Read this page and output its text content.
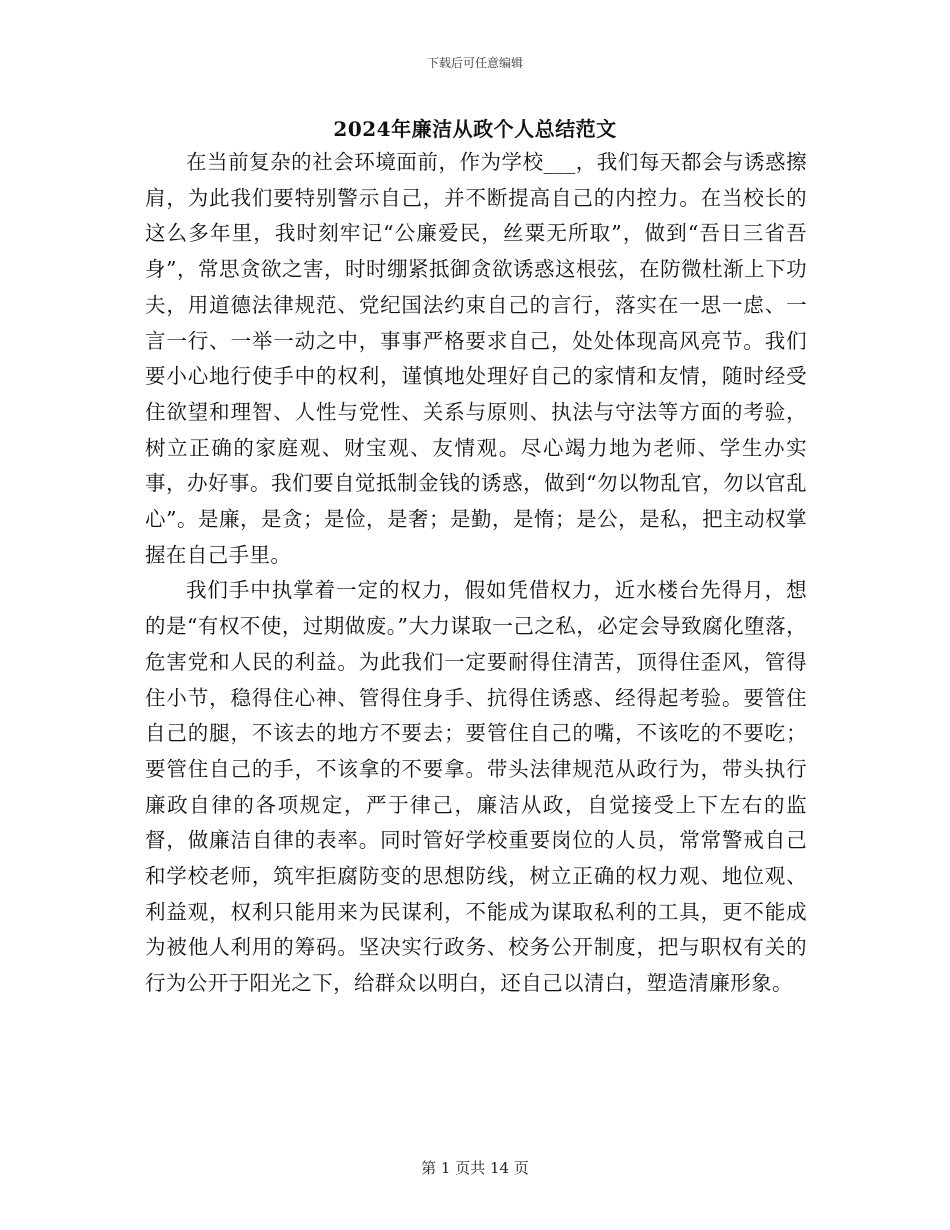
下载后可任意编辑
2024年廉洁从政个人总结范文

在当前复杂的社会环境面前，作为学校___，我们每天都会与诱惑擦肩，为此我们要特别警示自己，并不断提高自己的内控力。在当校长的这么多年里，我时刻牢记“公廉爱民，丝粟无所取”，做到“吾日三省吾身”，常思贪欲之害，时时绷紧抵御贪欲诱惑这根弦，在防微杜渐上下功夫，用道德法律规范、党纪国法约束自己的言行，落实在一思一虑、一言一行、一举一动之中，事事严格要求自己，处处体现高风亮节。我们要小心地行使手中的权利，谨慎地处理好自己的家情和友情，随时经受住欲望和理智、人性与党性、关系与原则、执法与守法等方面的考验，树立正确的家庭观、财宝观、友情观。尽心竭力地为老师、学生办实事，办好事。我们要自觉抵制金钱的诱惑，做到“勿以物乱官，勿以官乱心”。是廉，是贪；是俭，是奢；是勤，是惰；是公，是私，把主动权掌握在自己手里。

我们手中执掌着一定的权力，假如凭借权力，近水楼台先得月，想的是“有权不使，过期做废。”大力谋取一己之私，必定会导致腐化堕落，危害党和人民的利益。为此我们一定要耐得住清苦，顶得住歪风，管得住小节，稳得住心神、管得住身手、抗得住诱惑、经得起考验。要管住自己的腿，不该去的地方不要去；要管住自己的嘴，不该吃的不要吃；要管住自己的手，不该拿的不要拿。带头法律规范从政行为，带头执行廉政自律的各项规定，严于律己，廉洁从政，自觉接受上下左右的监督，做廉洁自律的表率。同时管好学校重要岗位的人员，常常警戒自己和学校老师，筑牢拒腐防变的思想防线，树立正确的权力观、地位观、利益观，权利只能用来为民谋利，不能成为谋取私利的工具，更不能成为被他人利用的筹码。坚决实行政务、校务公开制度，把与职权有关的行为公开于阳光之下，给群众以明白，还自己以清白，塑造清廉形象。

第 1 页共 14 页
